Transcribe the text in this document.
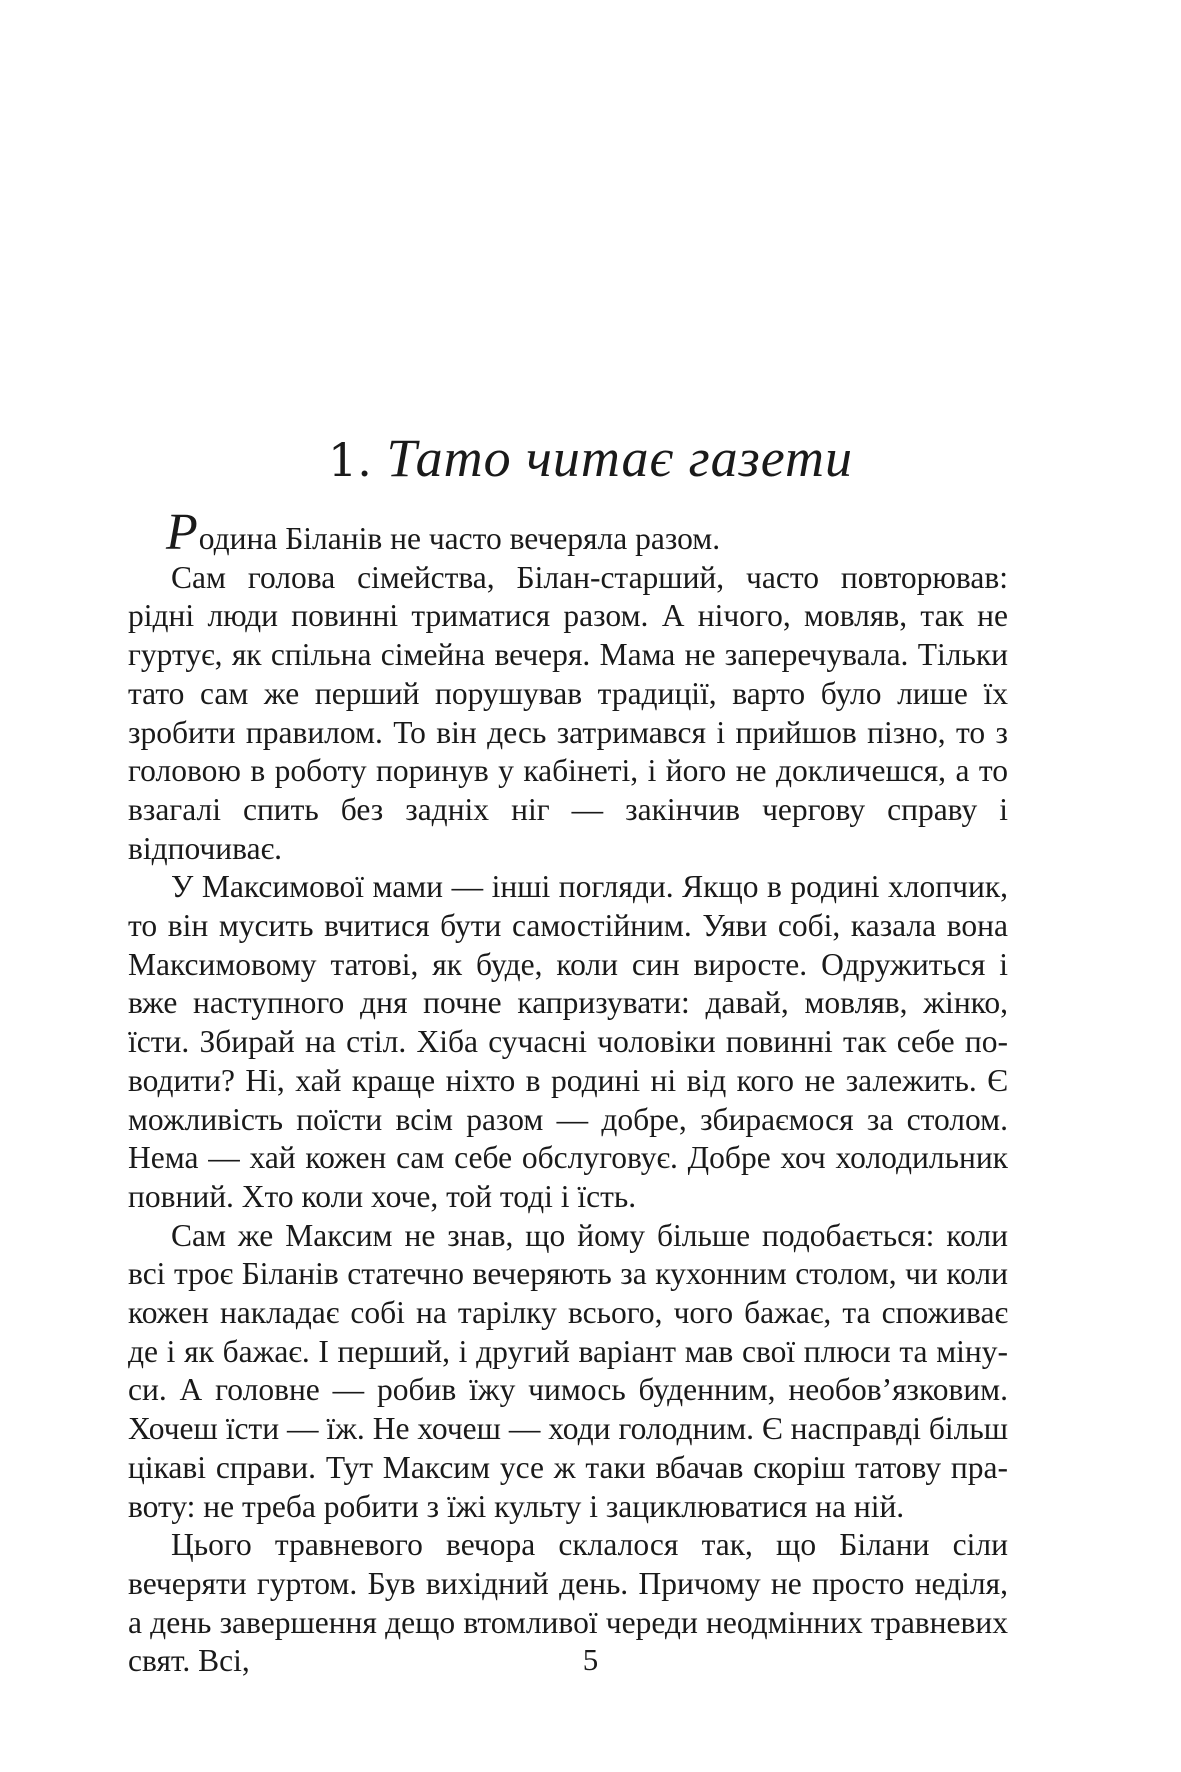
1. Тато читає газети

Родина Біланів не часто вечеряла разом.

Сам голова сімейства, Білан-старший, часто повторював: рідні люди повинні триматися разом. А нічого, мовляв, так не гуртує, як спільна сімейна вечеря. Мама не заперечувала. Тільки тато сам же перший порушував традиції, варто було лише їх зробити правилом. То він десь затримався і прийшов пізно, то з головою в роботу поринув у кабінеті, і його не докличешся, а то взагалі спить без задніх ніг — закінчив чергову справу і відпочиває.

У Максимової мами — інші погляди. Якщо в родині хлопчик, то він мусить вчитися бути самостійним. Уяви собі, казала вона Максимовому татові, як буде, коли син виросте. Одружиться і вже наступного дня почне капризувати: давай, мовляв, жінко, їсти. Збирай на стіл. Хіба сучасні чоловіки повинні так себе поводити? Ні, хай краще ніхто в родині ні від кого не залежить. Є можливість поїсти всім разом — добре, збираємося за столом. Нема — хай кожен сам себе обслуговує. Добре хоч холодильник повний. Хто коли хоче, той тоді і їсть.

Сам же Максим не знав, що йому більше подобається: коли всі троє Біланів статечно вечеряють за кухонним столом, чи коли кожен накладає собі на тарілку всього, чого бажає, та споживає де і як бажає. І перший, і другий варіант мав свої плюси та мінуси. А головне — робив їжу чимось буденним, необов’язковим. Хочеш їсти — їж. Не хочеш — ходи голодним. Є насправді більш цікаві справи. Тут Максим усе ж таки вбачав скоріш татову правоту: не треба робити з їжі культу і зациклюватися на ній.

Цього травневого вечора склалося так, що Білани сіли вечеряти гуртом. Був вихідний день. Причому не просто неділя, а день завершення дещо втомливої череди неодмінних травневих свят. Всі,	5
